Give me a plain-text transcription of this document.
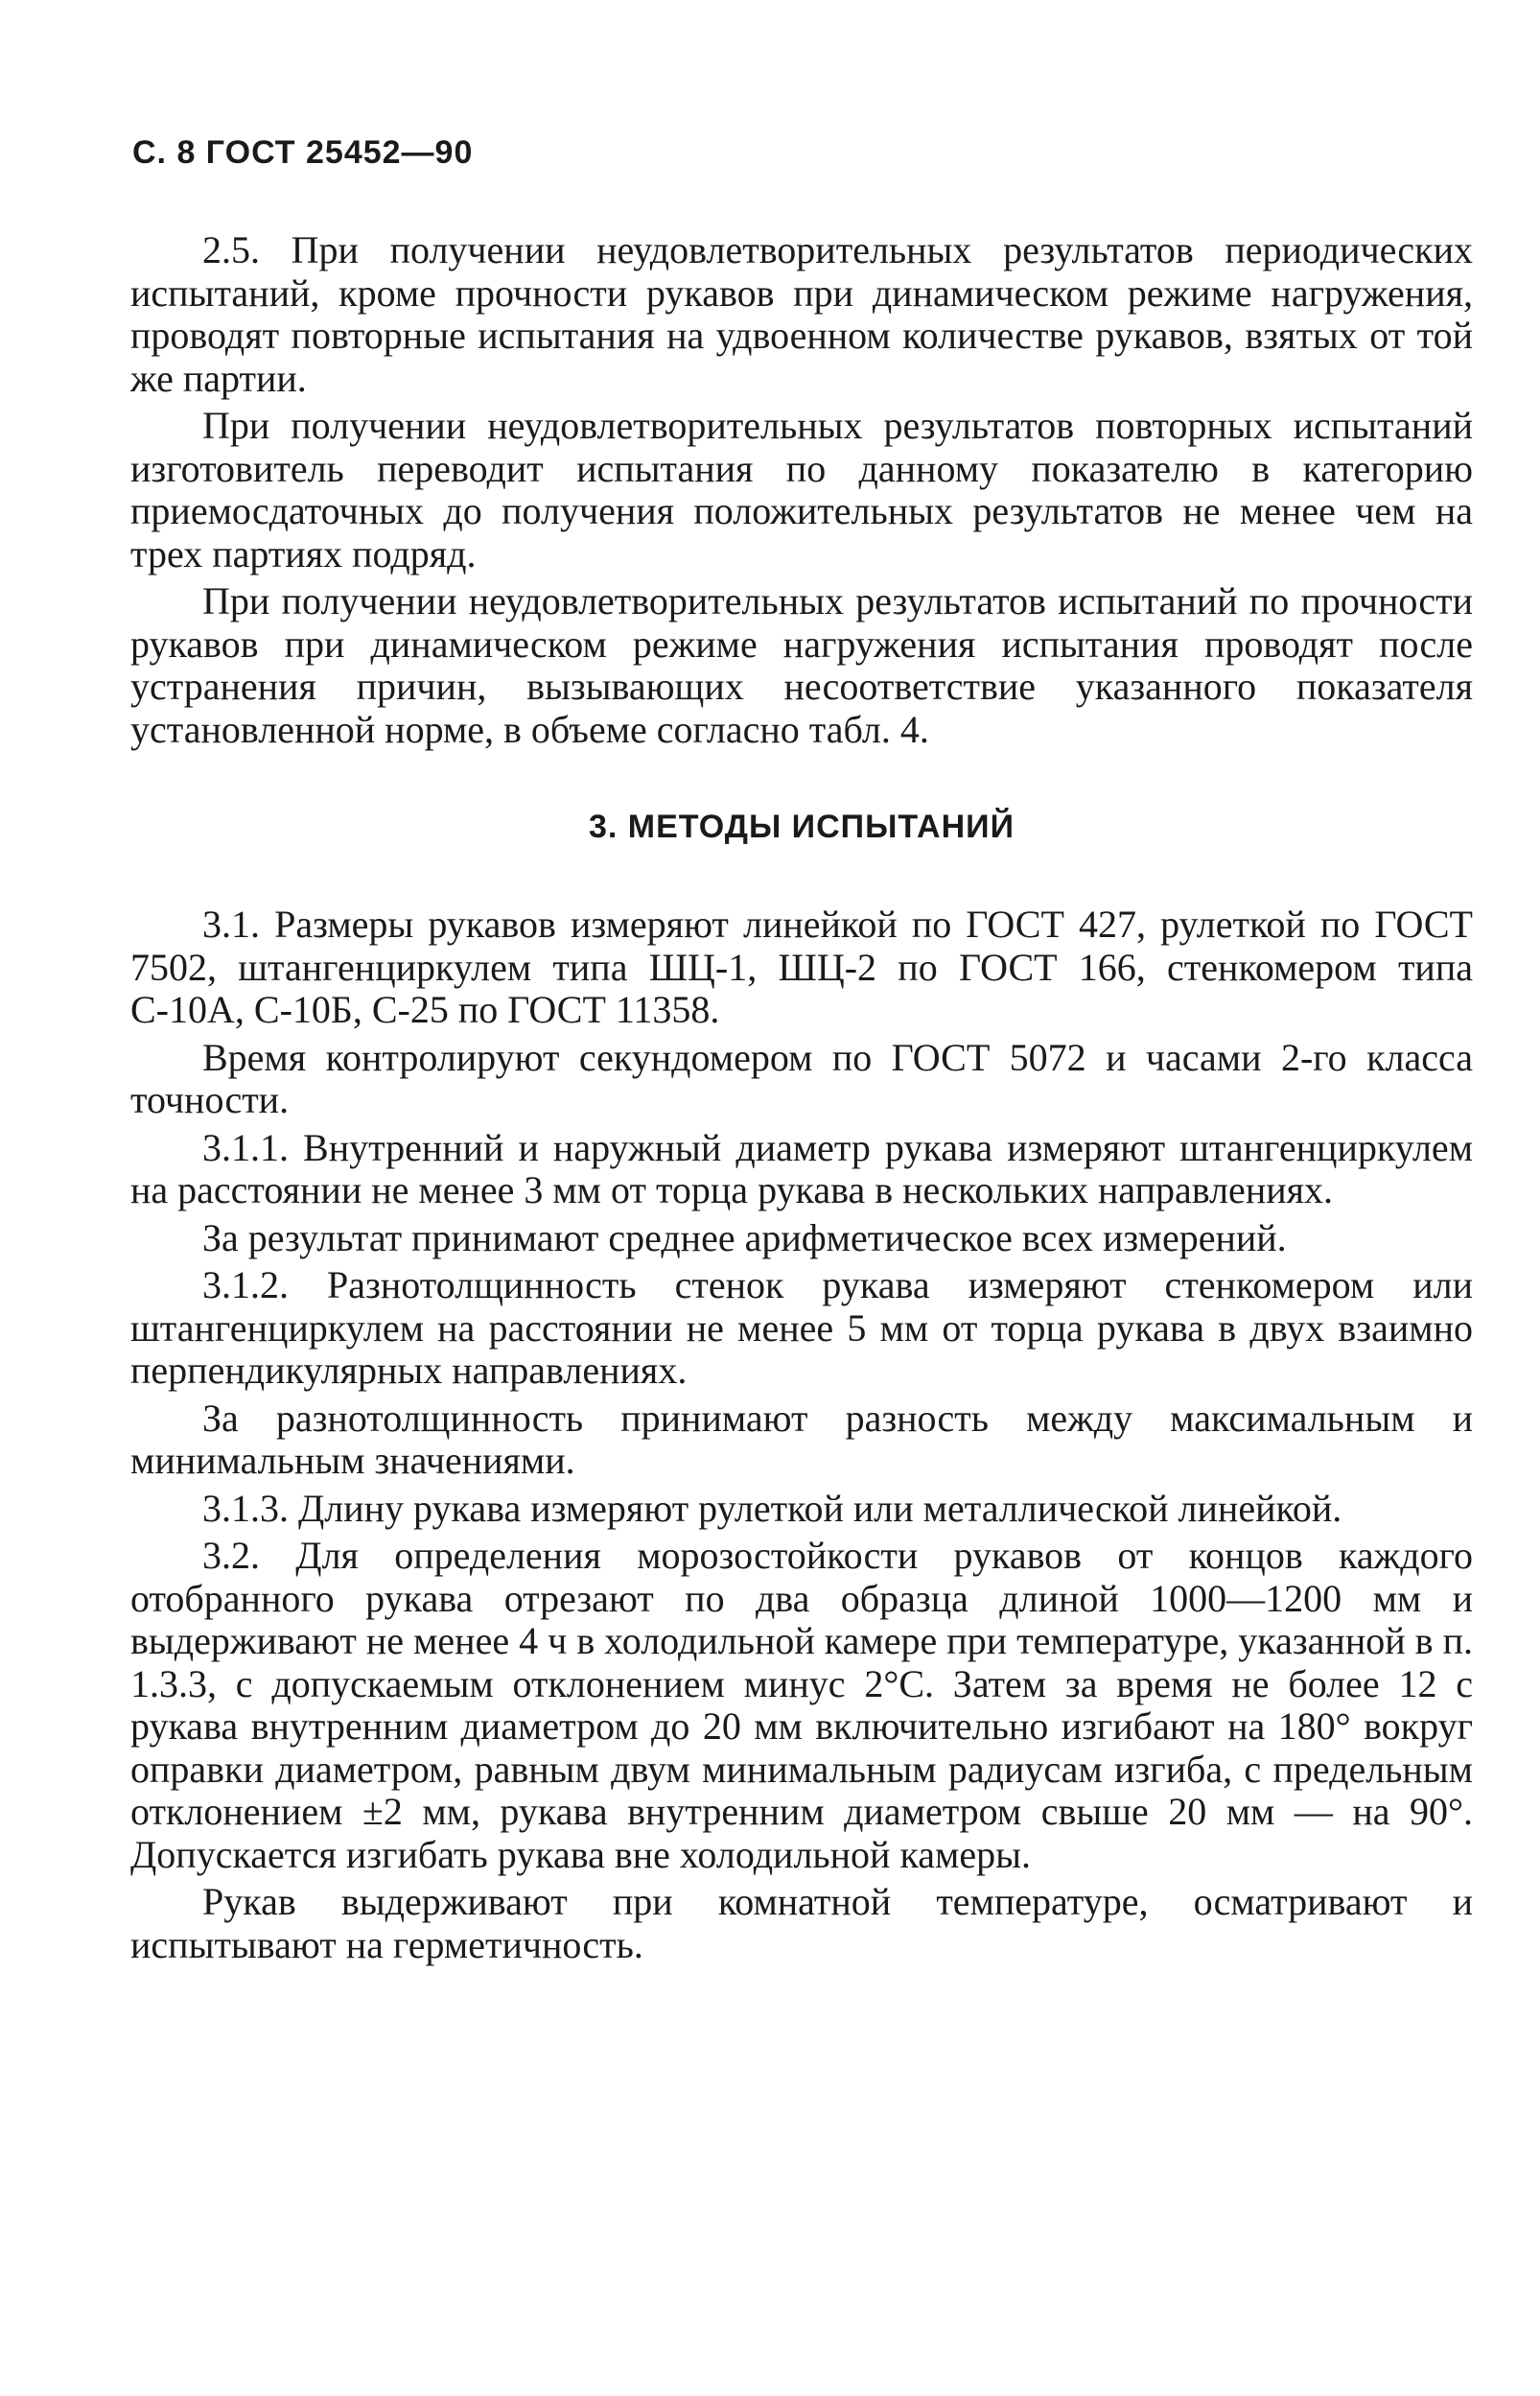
С. 8 ГОСТ 25452—90

2.5. При получении неудовлетворительных результатов периодических испытаний, кроме прочности рукавов при динамическом режиме нагружения, проводят повторные испытания на удвоенном количестве рукавов, взятых от той же партии.

При получении неудовлетворительных результатов повторных испытаний изготовитель переводит испытания по данному показателю в категорию приемосдаточных до получения положительных результатов не менее чем на трех партиях подряд.

При получении неудовлетворительных результатов испытаний по прочности рукавов при динамическом режиме нагружения испытания проводят после устранения причин, вызывающих несоответствие указанного показателя установленной норме, в объеме согласно табл. 4.

3. МЕТОДЫ ИСПЫТАНИЙ

3.1. Размеры рукавов измеряют линейкой по ГОСТ 427, рулеткой по ГОСТ 7502, штангенциркулем типа ШЦ-1, ШЦ-2 по ГОСТ 166, стенкомером типа С-10А, С-10Б, С-25 по ГОСТ 11358.

Время контролируют секундомером по ГОСТ 5072 и часами 2-го класса точности.

3.1.1. Внутренний и наружный диаметр рукава измеряют штангенциркулем на расстоянии не менее 3 мм от торца рукава в нескольких направлениях.

За результат принимают среднее арифметическое всех измерений.

3.1.2. Разнотолщинность стенок рукава измеряют стенкомером или штангенциркулем на расстоянии не менее 5 мм от торца рукава в двух взаимно перпендикулярных направлениях.

За разнотолщинность принимают разность между максимальным и минимальным значениями.

3.1.3. Длину рукава измеряют рулеткой или металлической линейкой.

3.2. Для определения морозостойкости рукавов от концов каждого отобранного рукава отрезают по два образца длиной 1000—1200 мм и выдерживают не менее 4 ч в холодильной камере при температуре, указанной в п. 1.3.3, с допускаемым отклонением минус 2°С. Затем за время не более 12 с рукава внутренним диаметром до 20 мм включительно изгибают на 180° вокруг оправки диаметром, равным двум минимальным радиусам изгиба, с предельным отклонением ±2 мм, рукава внутренним диаметром свыше 20 мм — на 90°. Допускается изгибать рукава вне холодильной камеры.

Рукав выдерживают при комнатной температуре, осматривают и испытывают на герметичность.
